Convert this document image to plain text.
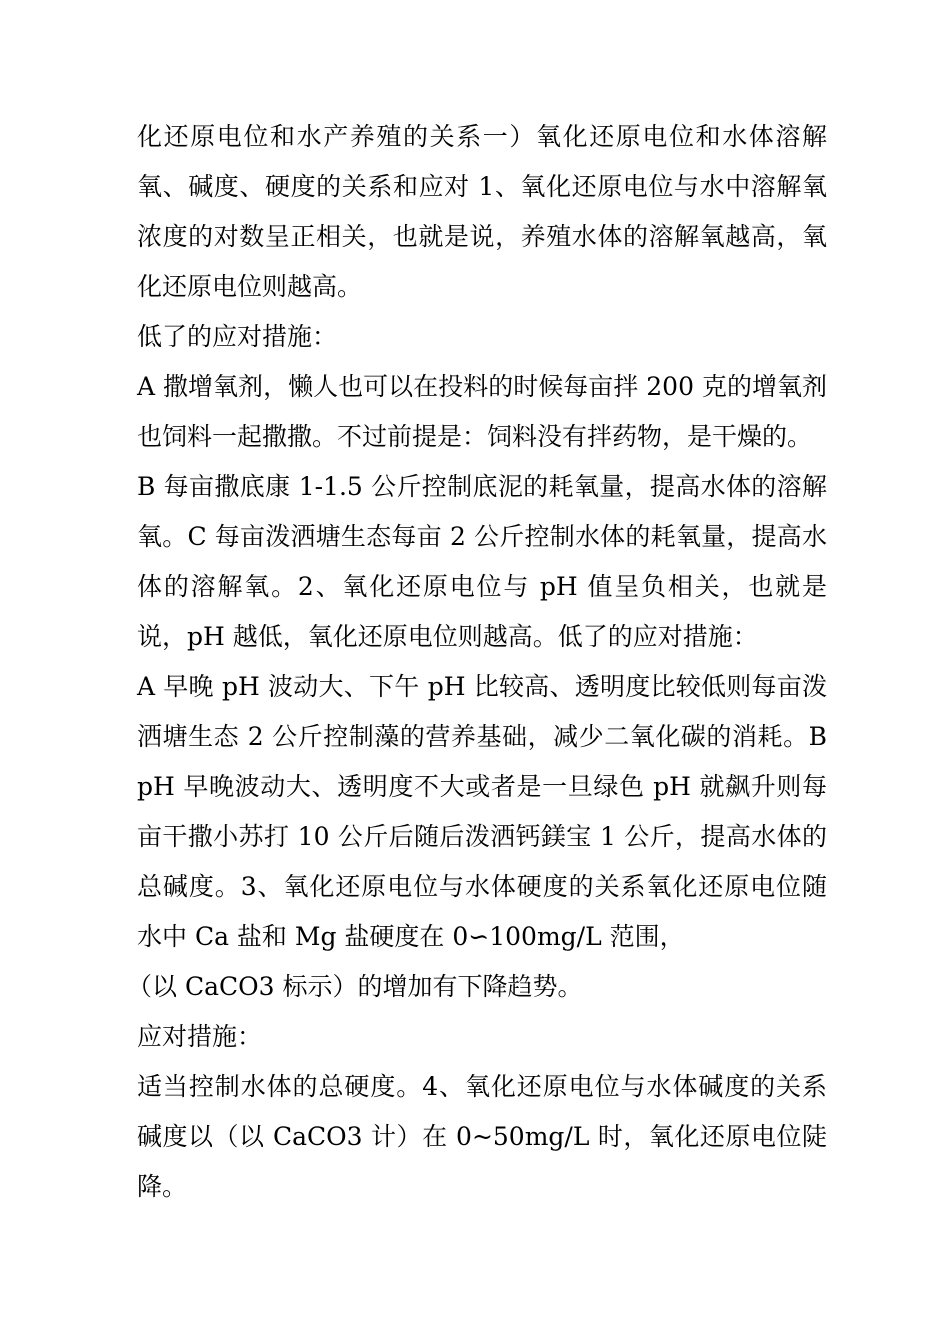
化还原电位和水产养殖的关系一）氧化还原电位和水体溶解氧、碱度、硬度的关系和应对 1、氧化还原电位与水中溶解氧浓度的对数呈正相关，也就是说，养殖水体的溶解氧越高，氧化还原电位则越高。

低了的应对措施：

A 撒增氧剂，懒人也可以在投料的时候每亩拌 200 克的增氧剂也饲料一起撒撒。不过前提是：饲料没有拌药物，是干燥的。

B 每亩撒底康 1-1.5 公斤控制底泥的耗氧量，提高水体的溶解氧。C 每亩泼洒塘生态每亩 2 公斤控制水体的耗氧量，提高水体的溶解氧。2、氧化还原电位与 pH 值呈负相关，也就是说，pH 越低，氧化还原电位则越高。低了的应对措施：

A 早晚 pH 波动大、下午 pH 比较高、透明度比较低则每亩泼洒塘生态 2 公斤控制藻的营养基础，减少二氧化碳的消耗。BpH 早晚波动大、透明度不大或者是一旦绿色 pH 就飙升则每亩干撒小苏打 10 公斤后随后泼洒钙鎂宝 1 公斤，提高水体的总碱度。3、氧化还原电位与水体硬度的关系氧化还原电位随水中 Ca 盐和 Mg 盐硬度在 0∽100mg/L 范围，

（以 CaCO3 标示）的增加有下降趋势。

应对措施：

适当控制水体的总硬度。4、氧化还原电位与水体碱度的关系碱度以（以 CaCO3 计）在 0~50mg/L 时，氧化还原电位陡降。
